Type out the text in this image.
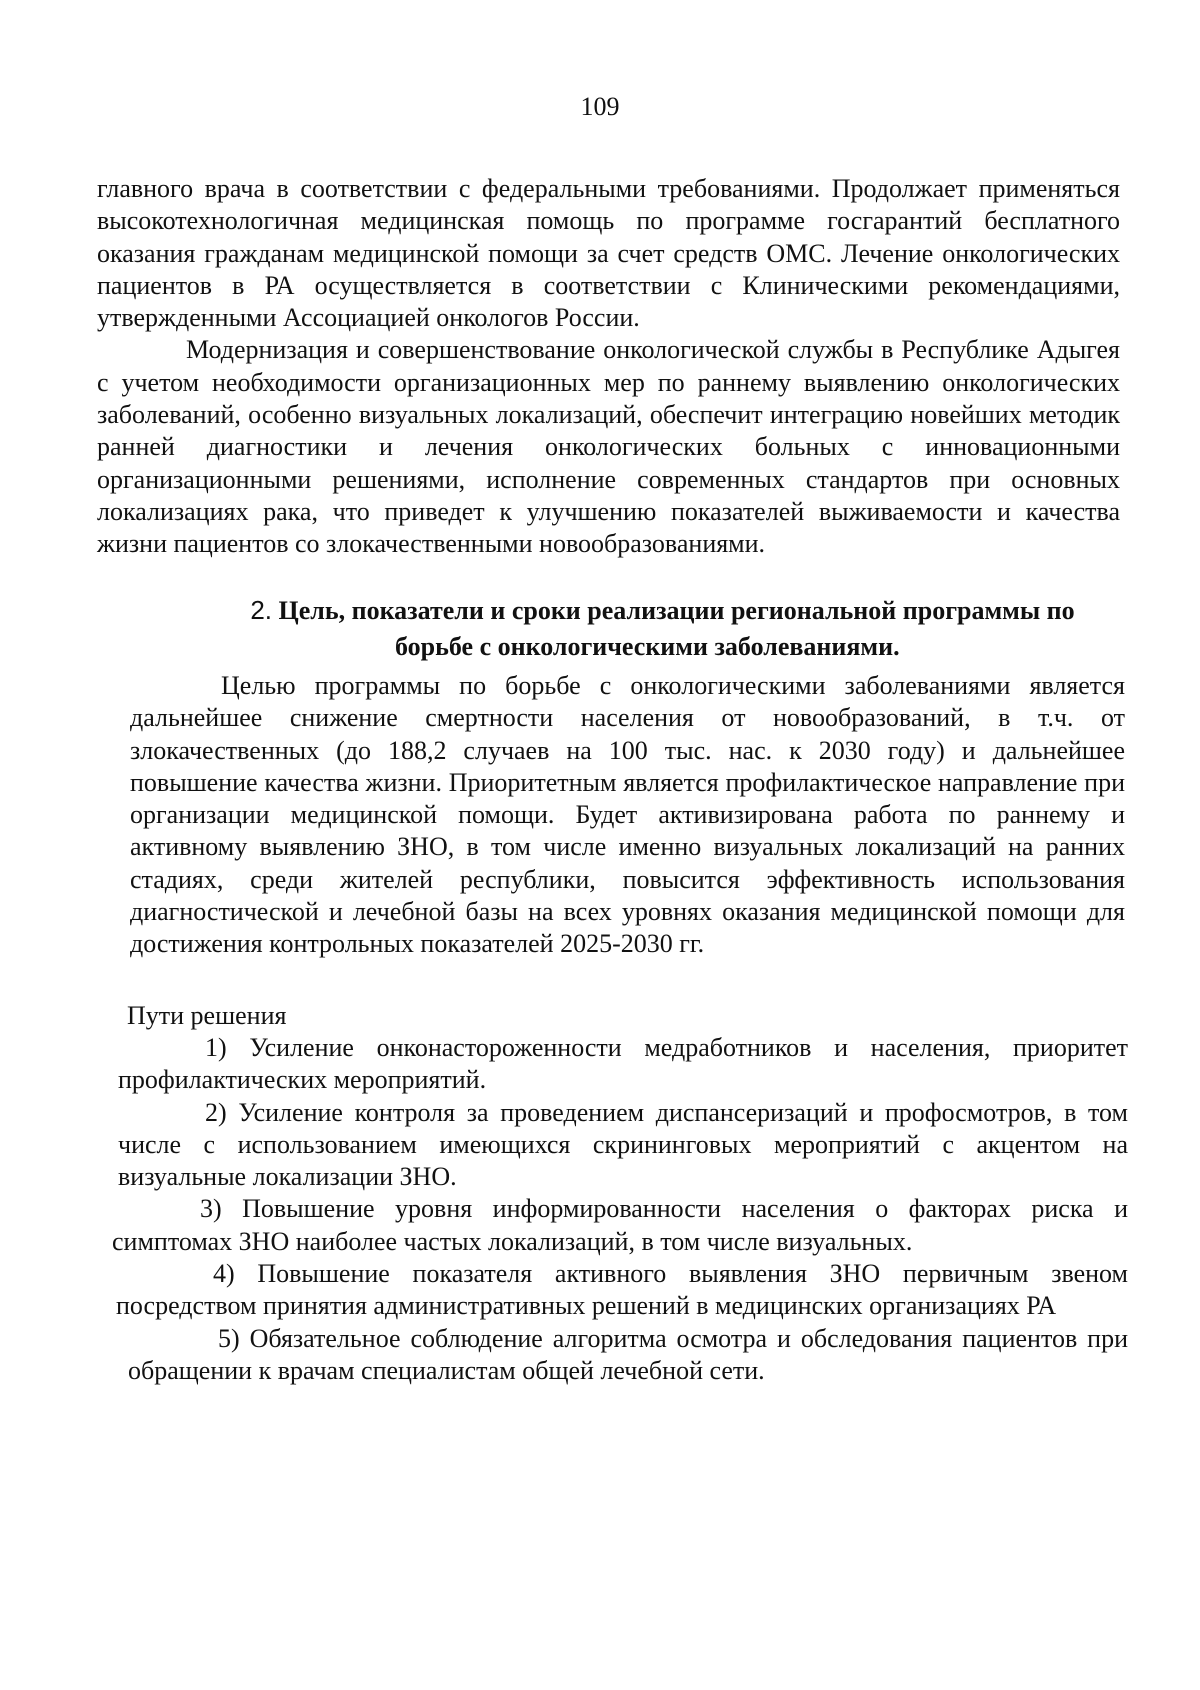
109

главного врача в соответствии с федеральными требованиями. Продолжает применяться высокотехнологичная медицинская помощь по программе госгарантий бесплатного оказания гражданам медицинской помощи за счет средств ОМС. Лечение онкологических пациентов в РА осуществляется в соответствии с Клиническими рекомендациями, утвержденными Ассоциацией онкологов России.

Модернизация и совершенствование онкологической службы в Республике Адыгея с учетом необходимости организационных мер по раннему выявлению онкологических заболеваний, особенно визуальных локализаций, обеспечит интеграцию новейших методик ранней диагностики и лечения онкологических больных с инновационными организационными решениями, исполнение современных стандартов при основных локализациях рака, что приведет к улучшению показателей выживаемости и качества жизни пациентов со злокачественными новообразованиями.

2. Цель, показатели и сроки реализации региональной программы по
борьбе с онкологическими заболеваниями.

Целью программы по борьбе с онкологическими заболеваниями является дальнейшее снижение смертности населения от новообразований, в т.ч. от злокачественных (до 188,2 случаев на 100 тыс. нас. к 2030 году) и дальнейшее повышение качества жизни. Приоритетным является профилактическое направление при организации медицинской помощи. Будет активизирована работа по раннему и активному выявлению ЗНО, в том числе именно визуальных локализаций на ранних стадиях, среди жителей республики, повысится эффективность использования диагностической и лечебной базы на всех уровнях оказания медицинской помощи для достижения контрольных показателей 2025-2030 гг.

Пути решения

1) Усиление онконастороженности медработников и населения, приоритет профилактических мероприятий.

2) Усиление контроля за проведением диспансеризаций и профосмотров, в том числе с использованием имеющихся скрининговых мероприятий с акцентом на визуальные локализации ЗНО.

3) Повышение уровня информированности населения о факторах риска и симптомах ЗНО наиболее частых локализаций, в том числе визуальных.

4) Повышение показателя активного выявления ЗНО первичным звеном посредством принятия административных решений в медицинских организациях РА

5) Обязательное соблюдение алгоритма осмотра и обследования пациентов при обращении к врачам специалистам общей лечебной сети.
